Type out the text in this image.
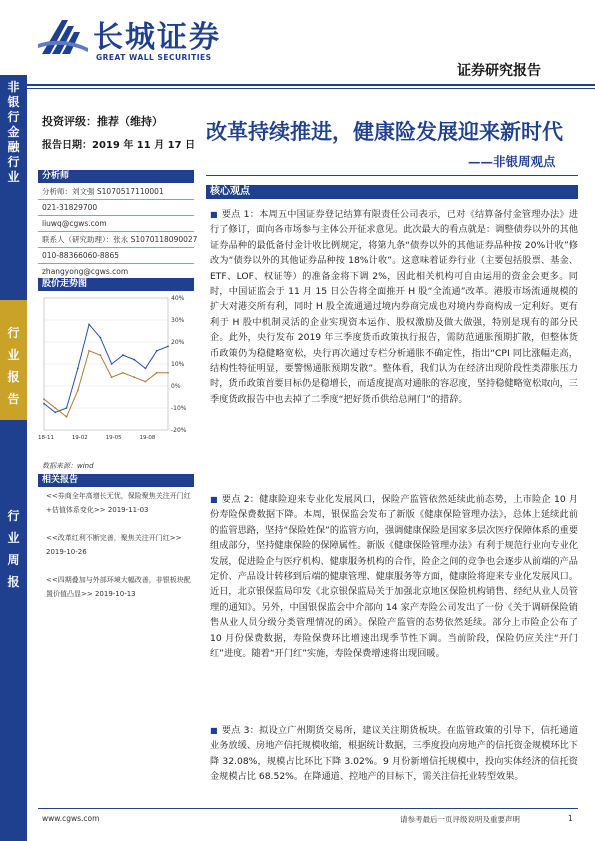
非银行金融行业
行业报告
行业周报
长城证券
GREAT WALL SECURITIES
证券研究报告
投资评级：推荐（维持）
报告日期：2019 年 11 月 17 日
改革持续推进，健康险发展迎来新时代
——非银周观点
分析师
分析师：刘文强 S1070517110001
021-31829700
liuwq@cgws.com
联系人（研究助理）：张永 S1070118090027
010-88366060-8865
zhangyong@cgws.com
股价走势图
40%
30%
20%
10%
0%
-10%
-20%
18-11	19-02	19-05	19-08
数据来源：wind
相关报告
<<券商全年高增长无忧，保险聚焦关注开门红+估值体系变化>> 2019-11-03
<<改革红利不断完善，聚焦关注开门红>> 2019-10-26
<<四期叠加与外部环境大幅改善，非银板块配置价值凸显>> 2019-10-13
核心观点
■ 要点 1：本周五中国证券登记结算有限责任公司表示，已对《结算备付金管理办法》进行了修订，面向各市场参与主体公开征求意见。此次最大的看点就是：调整债券以外的其他证券品种的最低备付金计收比例规定，将第九条“债券以外的其他证券品种按 20%计收”修改为“债券以外的其他证券品种按 18%计收”。这意味着证券行业（主要包括股票、基金、ETF、LOF、权证等）的准备金将下调 2%，因此相关机构可自由运用的资金会更多。同时，中国证监会于 11 月 15 日公告将全面推开 H 股“全流通”改革。港股市场流通规模的扩大对港交所有利，同时 H 股全流通通过境内券商完成也对境内券商构成一定利好。更有利于 H 股中机制灵活的企业实现资本运作、股权激励及做大做强，特别是现有的部分民企。此外，央行发布 2019 年三季度货币政策执行报告，需防范通胀预期扩散，但整体货币政策仍为稳健略宽松，央行再次通过专栏分析通胀不确定性，指出“CPI 同比涨幅走高，结构性特征明显，要警惕通胀预期发散”。整体看，我们认为在经济出现阶段性类滞胀压力时，货币政策首要目标仍是稳增长，而适度提高对通胀的容忍度，坚持稳健略宽松取向，三季度货政报告中也去掉了二季度“把好货币供给总闸门”的措辞。
■ 要点 2：健康险迎来专业化发展风口，保险产监管依然延续此前态势，上市险企 10 月份寿险保费数据下降。本周，银保监会发布了新版《健康保险管理办法》，总体上延续此前的监管思路，坚持“保险姓保”的监管方向，强调健康保险是国家多层次医疗保障体系的重要组成部分，坚持健康保险的保障属性。新版《健康保险管理办法》有利于规范行业向专业化发展，促进险企与医疗机构、健康服务机构的合作，险企之间的竞争也会逐步从前端的产品定价、产品设计转移到后端的健康管理、健康服务等方面，健康险将迎来专业化发展风口。近日，北京银保监局印发《北京银保监局关于加强北京地区保险机构销售、经纪从业人员管理的通知》。另外，中国银保监会中介部向 14 家产寿险公司发出了一份《关于调研保险销售从业人员分级分类管理情况的函》。保险产监管的态势依然延续。部分上市险企公布了 10 月份保费数据，寿险保费环比增速出现季节性下调。当前阶段，保险仍应关注“开门红”进度。随着“开门红”实施，寿险保费增速将出现回暖。
■ 要点 3：拟设立广州期货交易所，建议关注期货板块。在监管政策的引导下，信托通道业务放缓、房地产信托规模收缩，根据统计数据，三季度投向房地产的信托资金规模环比下降 32.08%，规模占比环比下降 3.02%。9 月份新增信托规模中，投向实体经济的信托资金规模占比 68.52%。在降通道、控地产的目标下，需关注信托业转型效果。
www.cgws.com	请参考最后一页评级说明及重要声明	1
